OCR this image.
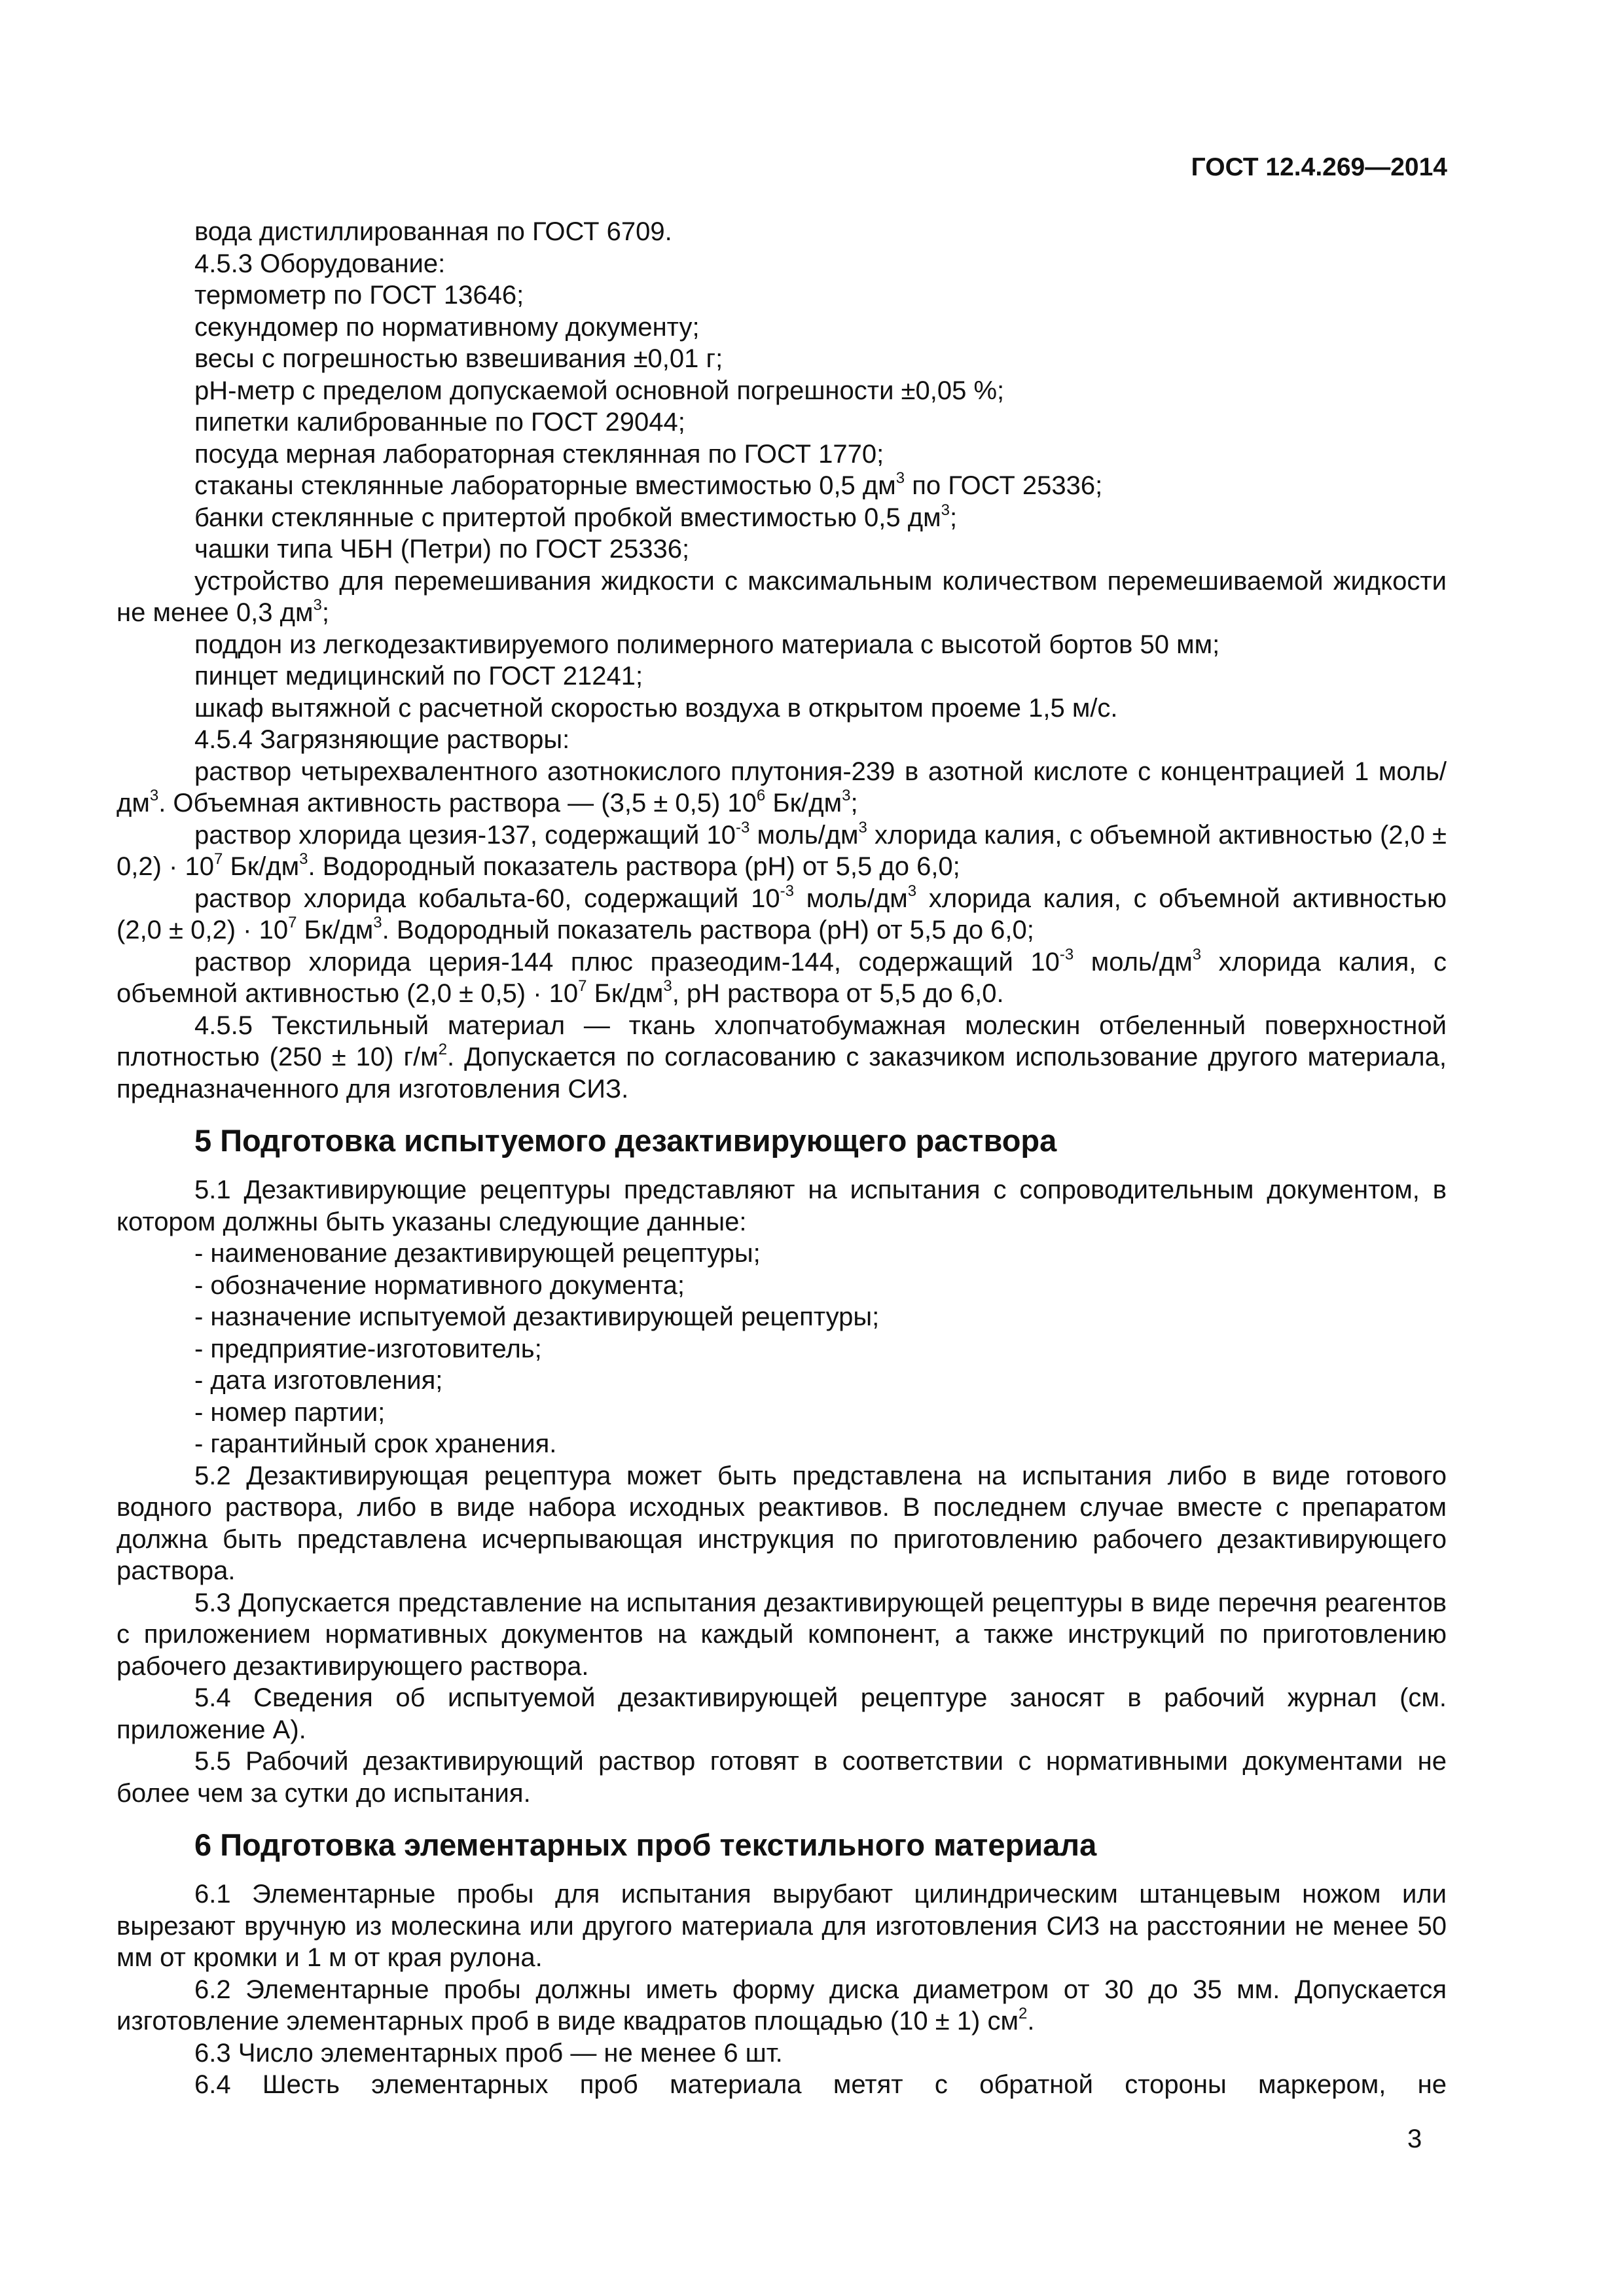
ГОСТ 12.4.269—2014

вода дистиллированная по ГОСТ 6709.

4.5.3 Оборудование:

термометр по ГОСТ 13646;

секундомер по нормативному документу;

весы с погрешностью взвешивания ±0,01 г;

pH-метр с пределом допускаемой основной погрешности ±0,05 %;

пипетки калиброванные по ГОСТ 29044;

посуда мерная лабораторная стеклянная по ГОСТ 1770;

стаканы стеклянные лабораторные вместимостью 0,5 $дм^3$ по ГОСТ 25336;

банки стеклянные с притертой пробкой вместимостью 0,5 $дм^3$;

чашки типа ЧБН (Петри) по ГОСТ 25336;

устройство для перемешивания жидкости с максимальным количеством перемешиваемой жидкости не менее 0,3 $дм^3$;

поддон из легкодезактивируемого полимерного материала с высотой бортов 50 мм;

пинцет медицинский по ГОСТ 21241;

шкаф вытяжной с расчетной скоростью воздуха в открытом проеме 1,5 м/с.

4.5.4 Загрязняющие растворы:

раствор четырехвалентного азотнокислого плутония-239 в азотной кислоте с концентрацией 1 моль/$дм^3$. Объемная активность раствора — (3,5 ± 0,5) $10^6$ $Бк/дм^3$;

раствор хлорида цезия-137, содержащий $10^{-3}$ моль/$дм^3$ хлорида калия, с объемной активностью $(2,0 \pm 0,2) \cdot 10^7$ $Бк/дм^3$. Водородный показатель раствора (pH) от 5,5 до 6,0;

раствор хлорида кобальта-60, содержащий $10^{-3}$ моль/$дм^3$ хлорида калия, с объемной активностью $(2,0 \pm 0,2) \cdot 10^7$ $Бк/дм^3$. Водородный показатель раствора (pH) от 5,5 до 6,0;

раствор хлорида церия-144 плюс празеодим-144, содержащий $10^{-3}$ моль/$дм^3$ хлорида калия, с объемной активностью $(2,0 \pm 0,5) \cdot 10^7$ $Бк/дм^3$, pH раствора от 5,5 до 6,0.

4.5.5 Текстильный материал — ткань хлопчатобумажная молескин отбеленный поверхностной плотностью (250 ± 10) $г/м^2$. Допускается по согласованию с заказчиком использование другого материала, предназначенного для изготовления СИЗ.

5 Подготовка испытуемого дезактивирующего раствора

5.1 Дезактивирующие рецептуры представляют на испытания с сопроводительным документом, в котором должны быть указаны следующие данные:

- наименование дезактивирующей рецептуры;
- обозначение нормативного документа;
- назначение испытуемой дезактивирующей рецептуры;
- предприятие-изготовитель;
- дата изготовления;
- номер партии;
- гарантийный срок хранения.

5.2 Дезактивирующая рецептура может быть представлена на испытания либо в виде готового водного раствора, либо в виде набора исходных реактивов. В последнем случае вместе с препаратом должна быть представлена исчерпывающая инструкция по приготовлению рабочего дезактивирующего раствора.

5.3 Допускается представление на испытания дезактивирующей рецептуры в виде перечня реагентов с приложением нормативных документов на каждый компонент, а также инструкций по приготовлению рабочего дезактивирующего раствора.

5.4 Сведения об испытуемой дезактивирующей рецептуре заносят в рабочий журнал (см. приложение А).

5.5 Рабочий дезактивирующий раствор готовят в соответствии с нормативными документами не более чем за сутки до испытания.

6 Подготовка элементарных проб текстильного материала

6.1 Элементарные пробы для испытания вырубают цилиндрическим штанцевым ножом или вырезают вручную из молескина или другого материала для изготовления СИЗ на расстоянии не менее 50 мм от кромки и 1 м от края рулона.

6.2 Элементарные пробы должны иметь форму диска диаметром от 30 до 35 мм. Допускается изготовление элементарных проб в виде квадратов площадью (10 ± 1) $см^2$.

6.3 Число элементарных проб — не менее 6 шт.

6.4 Шесть элементарных проб материала метят с обратной стороны маркером, не

3
